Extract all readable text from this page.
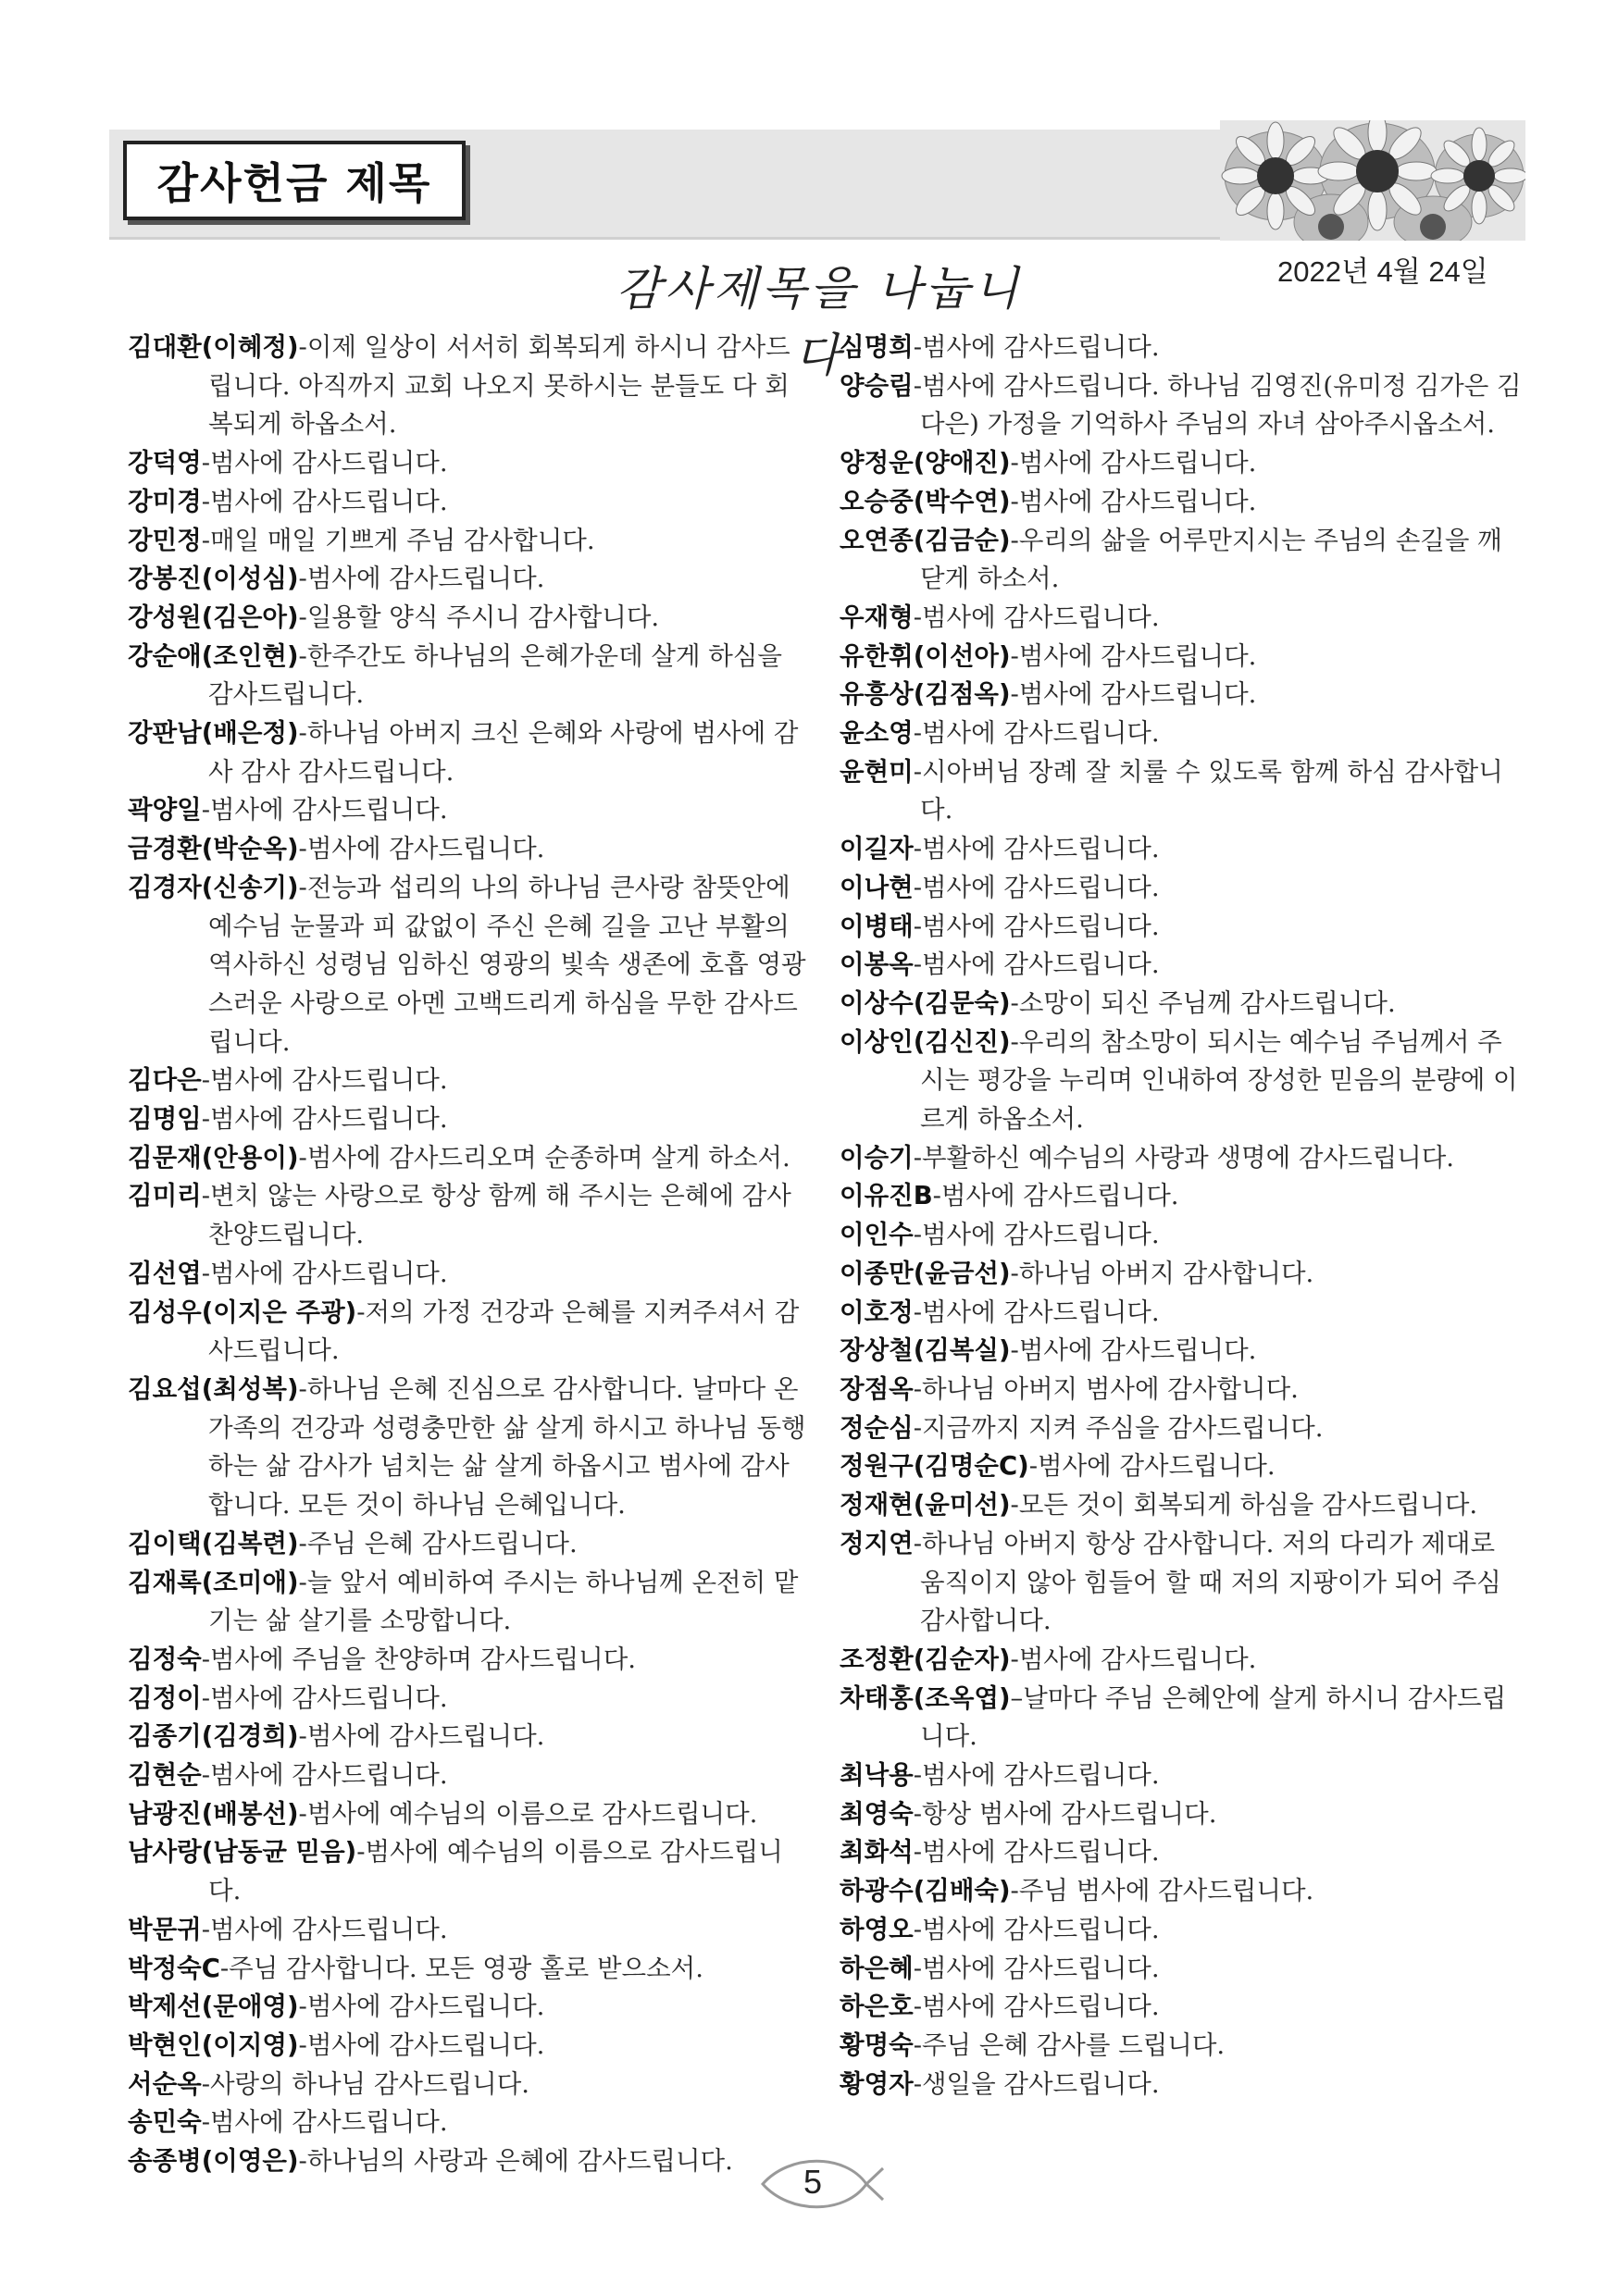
감사헌금 제목
감사제목을 나눕니다
2022년 4월 24일
김대환(이혜정)-이제 일상이 서서히 회복되게 하시니 감사드립니다. 아직까지 교회 나오지 못하시는 분들도 다 회복되게 하옵소서.
강덕영-범사에 감사드립니다.
강미경-범사에 감사드립니다.
강민정-매일 매일 기쁘게 주님 감사합니다.
강봉진(이성심)-범사에 감사드립니다.
강성원(김은아)-일용할 양식 주시니 감사합니다.
강순애(조인현)-한주간도 하나님의 은혜가운데 살게 하심을 감사드립니다.
강판남(배은정)-하나님 아버지 크신 은혜와 사랑에 범사에 감사 감사 감사드립니다.
곽양일-범사에 감사드립니다.
금경환(박순옥)-범사에 감사드립니다.
김경자(신송기)-전능과 섭리의 나의 하나님 큰사랑 참뜻안에 예수님 눈물과 피 값없이 주신 은혜 길을 고난 부활의 역사하신 성령님 임하신 영광의 빛속 생존에 호흡 영광스러운 사랑으로 아멘 고백드리게 하심을 무한 감사드립니다.
김다은-범사에 감사드립니다.
김명임-범사에 감사드립니다.
김문재(안용이)-범사에 감사드리오며 순종하며 살게 하소서.
김미리-변치 않는 사랑으로 항상 함께 해 주시는 은혜에 감사 찬양드립니다.
김선엽-범사에 감사드립니다.
김성우(이지은 주광)-저의 가정 건강과 은혜를 지켜주셔서 감사드립니다.
김요섭(최성복)-하나님 은혜 진심으로 감사합니다. 날마다 온 가족의 건강과 성령충만한 삶 살게 하시고 하나님 동행하는 삶 감사가 넘치는 삶 살게 하옵시고 범사에 감사합니다. 모든 것이 하나님 은혜입니다.
김이택(김복련)-주님 은혜 감사드립니다.
김재록(조미애)-늘 앞서 예비하여 주시는 하나님께 온전히 맡기는 삶 살기를 소망합니다.
김정숙-범사에 주님을 찬양하며 감사드립니다.
김정이-범사에 감사드립니다.
김종기(김경희)-범사에 감사드립니다.
김현순-범사에 감사드립니다.
남광진(배봉선)-범사에 예수님의 이름으로 감사드립니다.
남사랑(남동균 믿음)-범사에 예수님의 이름으로 감사드립니다.
박문귀-범사에 감사드립니다.
박정숙C-주님 감사합니다. 모든 영광 홀로 받으소서.
박제선(문애영)-범사에 감사드립니다.
박현인(이지영)-범사에 감사드립니다.
서순옥-사랑의 하나님 감사드립니다.
송민숙-범사에 감사드립니다.
송종병(이영은)-하나님의 사랑과 은혜에 감사드립니다.
심명희-범사에 감사드립니다.
양승림-범사에 감사드립니다. 하나님 김영진(유미정 김가은 김다은) 가정을 기억하사 주님의 자녀 삼아주시옵소서.
양정운(양애진)-범사에 감사드립니다.
오승중(박수연)-범사에 감사드립니다.
오연종(김금순)-우리의 삶을 어루만지시는 주님의 손길을 깨닫게 하소서.
우재형-범사에 감사드립니다.
유한휘(이선아)-범사에 감사드립니다.
유흥상(김점옥)-범사에 감사드립니다.
윤소영-범사에 감사드립니다.
윤현미-시아버님 장례 잘 치룰 수 있도록 함께 하심 감사합니다.
이길자-범사에 감사드립니다.
이나현-범사에 감사드립니다.
이병태-범사에 감사드립니다.
이봉옥-범사에 감사드립니다.
이상수(김문숙)-소망이 되신 주님께 감사드립니다.
이상인(김신진)-우리의 참소망이 되시는 예수님 주님께서 주시는 평강을 누리며 인내하여 장성한 믿음의 분량에 이르게 하옵소서.
이승기-부활하신 예수님의 사랑과 생명에 감사드립니다.
이유진B-범사에 감사드립니다.
이인수-범사에 감사드립니다.
이종만(윤금선)-하나님 아버지 감사합니다.
이호정-범사에 감사드립니다.
장상철(김복실)-범사에 감사드립니다.
장점옥-하나님 아버지 범사에 감사합니다.
정순심-지금까지 지켜 주심을 감사드립니다.
정원구(김명순C)-범사에 감사드립니다.
정재현(윤미선)-모든 것이 회복되게 하심을 감사드립니다.
정지연-하나님 아버지 항상 감사합니다. 저의 다리가 제대로 움직이지 않아 힘들어 할 때 저의 지팡이가 되어 주심 감사합니다.
조정환(김순자)-범사에 감사드립니다.
차태홍(조옥엽)–날마다 주님 은혜안에 살게 하시니 감사드립니다.
최낙용-범사에 감사드립니다.
최영숙-항상 범사에 감사드립니다.
최화석-범사에 감사드립니다.
하광수(김배숙)-주님 범사에 감사드립니다.
하영오-범사에 감사드립니다.
하은혜-범사에 감사드립니다.
하은호-범사에 감사드립니다.
황명숙-주님 은혜 감사를 드립니다.
황영자-생일을 감사드립니다.
5
